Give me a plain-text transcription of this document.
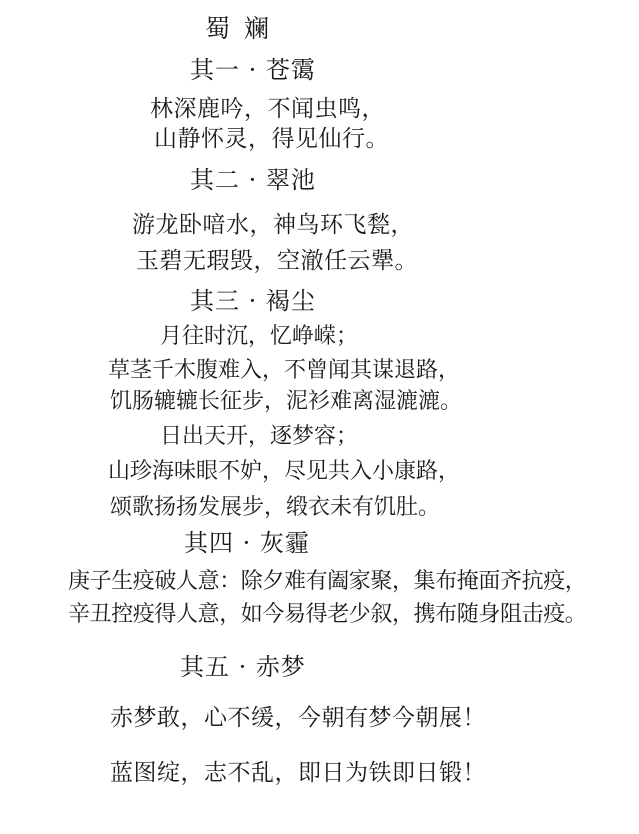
蜀 斓
其一 · 苍霭
林深鹿吟，不闻虫鸣，
山静怀灵，得见仙行。
其二 · 翠池
游龙卧喑水，神鸟环飞甃，
玉碧无瑕毁，空澈任云犟。
其三 · 褐尘
月往时沉，忆峥嵘；
草茎千木腹难入，不曾闻其谋退路，
饥肠辘辘长征步，泥衫难离湿漉漉。
日出天开，逐梦容；
山珍海味眼不妒，尽见共入小康路，
颂歌扬扬发展步，缎衣未有饥肚。
其四 · 灰霾
庚子生疫破人意：除夕难有阖家聚，集布掩面齐抗疫，
辛丑控疫得人意，如今易得老少叙，携布随身阻击疫。
其五 · 赤梦
赤梦敢，心不缓，今朝有梦今朝展！
蓝图绽，志不乱，即日为铁即日锻！
